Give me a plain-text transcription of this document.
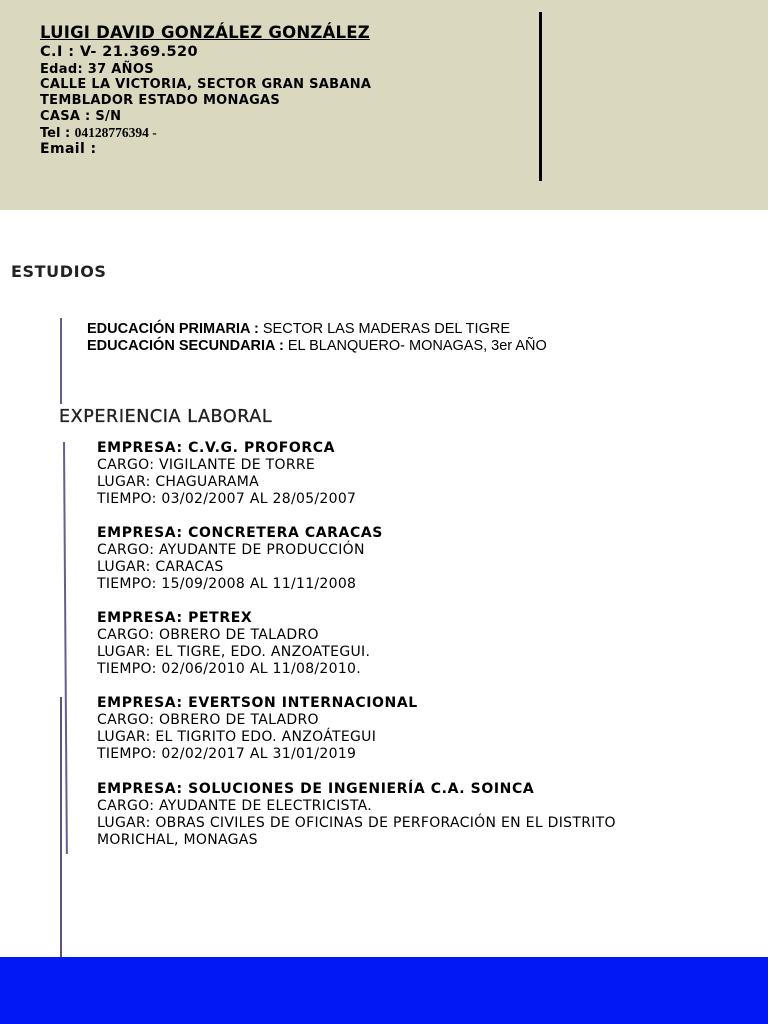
LUIGI DAVID GONZÁLEZ GONZÁLEZ
C.I : V- 21.369.520
Edad: 37 AÑOS
CALLE LA VICTORIA, SECTOR GRAN SABANA
TEMBLADOR ESTADO MONAGAS
CASA : S/N
Tel : 04128776394 -
Email :
ESTUDIOS
EDUCACIÓN PRIMARIA : SECTOR LAS MADERAS DEL TIGRE
EDUCACIÓN SECUNDARIA : EL BLANQUERO- MONAGAS, 3er AÑO
EXPERIENCIA LABORAL
EMPRESA: C.V.G. PROFORCA
CARGO: VIGILANTE DE TORRE
LUGAR: CHAGUARAMA
TIEMPO: 03/02/2007 AL 28/05/2007
EMPRESA: CONCRETERA CARACAS
CARGO: AYUDANTE DE PRODUCCIÓN
LUGAR: CARACAS
TIEMPO: 15/09/2008 AL 11/11/2008
EMPRESA: PETREX
CARGO: OBRERO DE TALADRO
LUGAR: EL TIGRE, EDO. ANZOATEGUI.
TIEMPO: 02/06/2010 AL 11/08/2010.
EMPRESA: EVERTSON INTERNACIONAL
CARGO: OBRERO DE TALADRO
LUGAR: EL TIGRITO EDO. ANZOÁTEGUI
TIEMPO: 02/02/2017 AL 31/01/2019
EMPRESA: SOLUCIONES DE INGENIERÍA C.A. SOINCA
CARGO: AYUDANTE DE ELECTRICISTA.
LUGAR: OBRAS CIVILES DE OFICINAS DE PERFORACIÓN EN EL DISTRITO
MORICHAL, MONAGAS
